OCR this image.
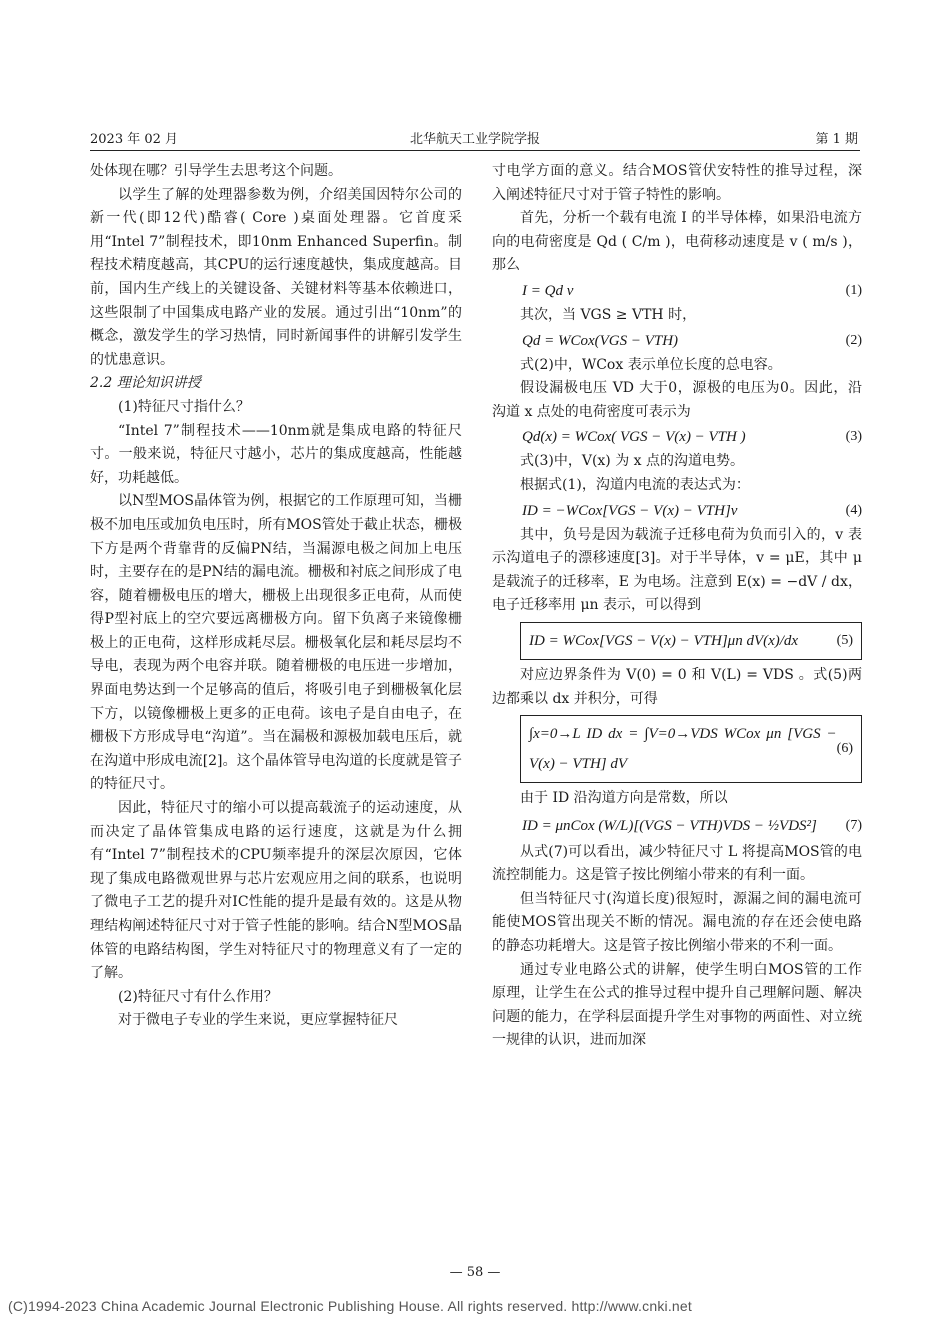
2023 年 02 月	北华航天工业学院学报	第 1 期

处体现在哪？引导学生去思考这个问题。

以学生了解的处理器参数为例，介绍美国因特尔公司的新一代(即12代)酷睿( Core )桌面处理器。它首度采用“Intel 7”制程技术，即10nm Enhanced Superfin。制程技术精度越高，其CPU的运行速度越快，集成度越高。目前，国内生产线上的关键设备、关键材料等基本依赖进口，这些限制了中国集成电路产业的发展。通过引出“10nm”的概念，激发学生的学习热情，同时新闻事件的讲解引发学生的忧患意识。

2.2 理论知识讲授

(1)特征尺寸指什么？

“Intel 7”制程技术——10nm就是集成电路的特征尺寸。一般来说，特征尺寸越小，芯片的集成度越高，性能越好，功耗越低。

以N型MOS晶体管为例，根据它的工作原理可知，当栅极不加电压或加负电压时，所有MOS管处于截止状态，栅极下方是两个背靠背的反偏PN结，当漏源电极之间加上电压时，主要存在的是PN结的漏电流。栅极和衬底之间形成了电容，随着栅极电压的增大，栅极上出现很多正电荷，从而使得P型衬底上的空穴要远离栅极方向。留下负离子来镜像栅极上的正电荷，这样形成耗尽层。栅极氧化层和耗尽层均不导电，表现为两个电容并联。随着栅极的电压进一步增加，界面电势达到一个足够高的值后，将吸引电子到栅极氧化层下方，以镜像栅极上更多的正电荷。该电子是自由电子，在栅极下方形成导电“沟道”。当在漏极和源极加载电压后，就在沟道中形成电流[2]。这个晶体管导电沟道的长度就是管子的特征尺寸。

因此，特征尺寸的缩小可以提高载流子的运动速度，从而决定了晶体管集成电路的运行速度，这就是为什么拥有“Intel 7”制程技术的CPU频率提升的深层次原因，它体现了集成电路微观世界与芯片宏观应用之间的联系，也说明了微电子工艺的提升对IC性能的提升是最有效的。这是从物理结构阐述特征尺寸对于管子性能的影响。结合N型MOS晶体管的电路结构图，学生对特征尺寸的物理意义有了一定的了解。

(2)特征尺寸有什么作用？

对于微电子专业的学生来说，更应掌握特征尺

寸电学方面的意义。结合MOS管伏安特性的推导过程，深入阐述特征尺寸对于管子特性的影响。

首先，分析一个载有电流 I 的半导体棒，如果沿电流方向的电荷密度是 Qd ( C/m )，电荷移动速度是 v ( m/s )，那么

I = Qd v	(1)

其次，当 VGS ≥ VTH 时，

Qd = WCox(VGS − VTH)	(2)

式(2)中，WCox 表示单位长度的总电容。

假设漏极电压 VD 大于0，源极的电压为0。因此，沿沟道 x 点处的电荷密度可表示为

Qd(x) = WCox( VGS − V(x) − VTH )	(3)

式(3)中，V(x) 为 x 点的沟道电势。

根据式(1)，沟道内电流的表达式为：

ID = −WCox[VGS − V(x) − VTH]v	(4)

其中，负号是因为载流子迁移电荷为负而引入的，v 表示沟道电子的漂移速度[3]。对于半导体，v = μE，其中 μ 是载流子的迁移率，E 为电场。注意到 E(x) = −dV / dx，电子迁移率用 μn 表示，可以得到

ID = WCox[VGS − V(x) − VTH]μn dV(x)/dx	(5)

对应边界条件为 V(0) = 0 和 V(L) = VDS 。式(5)两边都乘以 dx 并积分，可得

∫x=0→L ID dx = ∫V=0→VDS WCox μn [VGS − V(x) − VTH] dV
(6)

由于 ID 沿沟道方向是常数，所以

ID = μnCox (W/L)[(VGS − VTH)VDS − ½VDS²] (7)

从式(7)可以看出，减少特征尺寸 L 将提高MOS管的电流控制能力。这是管子按比例缩小带来的有利一面。

但当特征尺寸(沟道长度)很短时，源漏之间的漏电流可能使MOS管出现关不断的情况。漏电流的存在还会使电路的静态功耗增大。这是管子按比例缩小带来的不利一面。

通过专业电路公式的讲解，使学生明白MOS管的工作原理，让学生在公式的推导过程中提升自己理解问题、解决问题的能力，在学科层面提升学生对事物的两面性、对立统一规律的认识，进而加深

— 58 —
(C)1994-2023 China Academic Journal Electronic Publishing House. All rights reserved. http://www.cnki.net
